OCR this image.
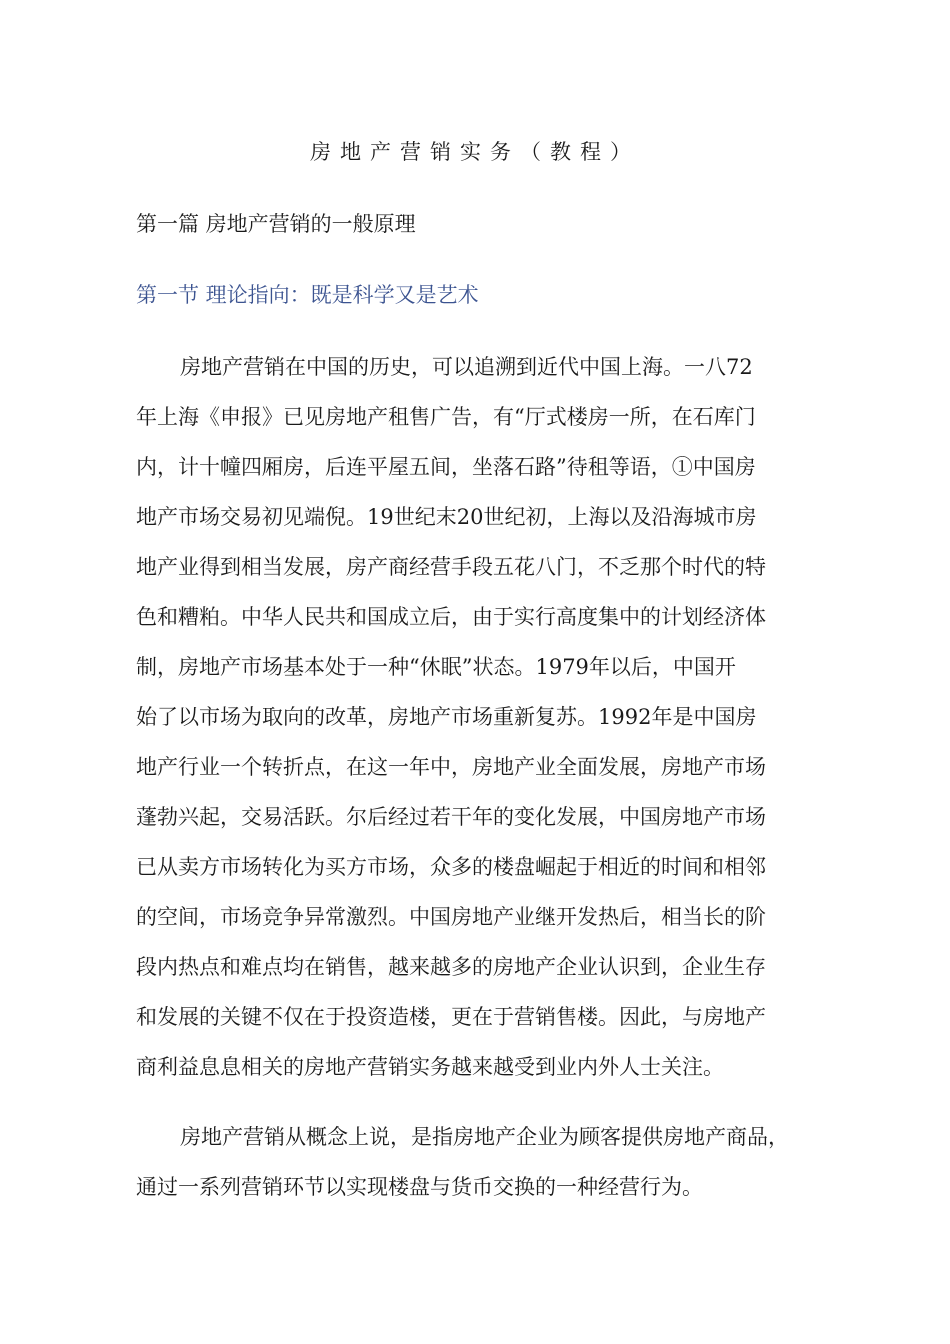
房地产营销实务（教程）
第一篇 房地产营销的一般原理
第一节 理论指向：既是科学又是艺术

房地产营销在中国的历史，可以追溯到近代中国上海。一八72
年上海《申报》已见房地产租售广告，有“厅式楼房一所，在石库门
内，计十幢四厢房，后连平屋五间，坐落石路”待租等语，①中国房
地产市场交易初见端倪。19世纪末20世纪初，上海以及沿海城市房
地产业得到相当发展，房产商经营手段五花八门，不乏那个时代的特
色和糟粕。中华人民共和国成立后，由于实行高度集中的计划经济体
制，房地产市场基本处于一种“休眠”状态。1979年以后，中国开
始了以市场为取向的改革，房地产市场重新复苏。1992年是中国房
地产行业一个转折点，在这一年中，房地产业全面发展，房地产市场
蓬勃兴起，交易活跃。尔后经过若干年的变化发展，中国房地产市场
已从卖方市场转化为买方市场，众多的楼盘崛起于相近的时间和相邻
的空间，市场竞争异常激烈。中国房地产业继开发热后，相当长的阶
段内热点和难点均在销售，越来越多的房地产企业认识到，企业生存
和发展的关键不仅在于投资造楼，更在于营销售楼。因此，与房地产
商利益息息相关的房地产营销实务越来越受到业内外人士关注。

房地产营销从概念上说，是指房地产企业为顾客提供房地产商品，
通过一系列营销环节以实现楼盘与货币交换的一种经营行为。
